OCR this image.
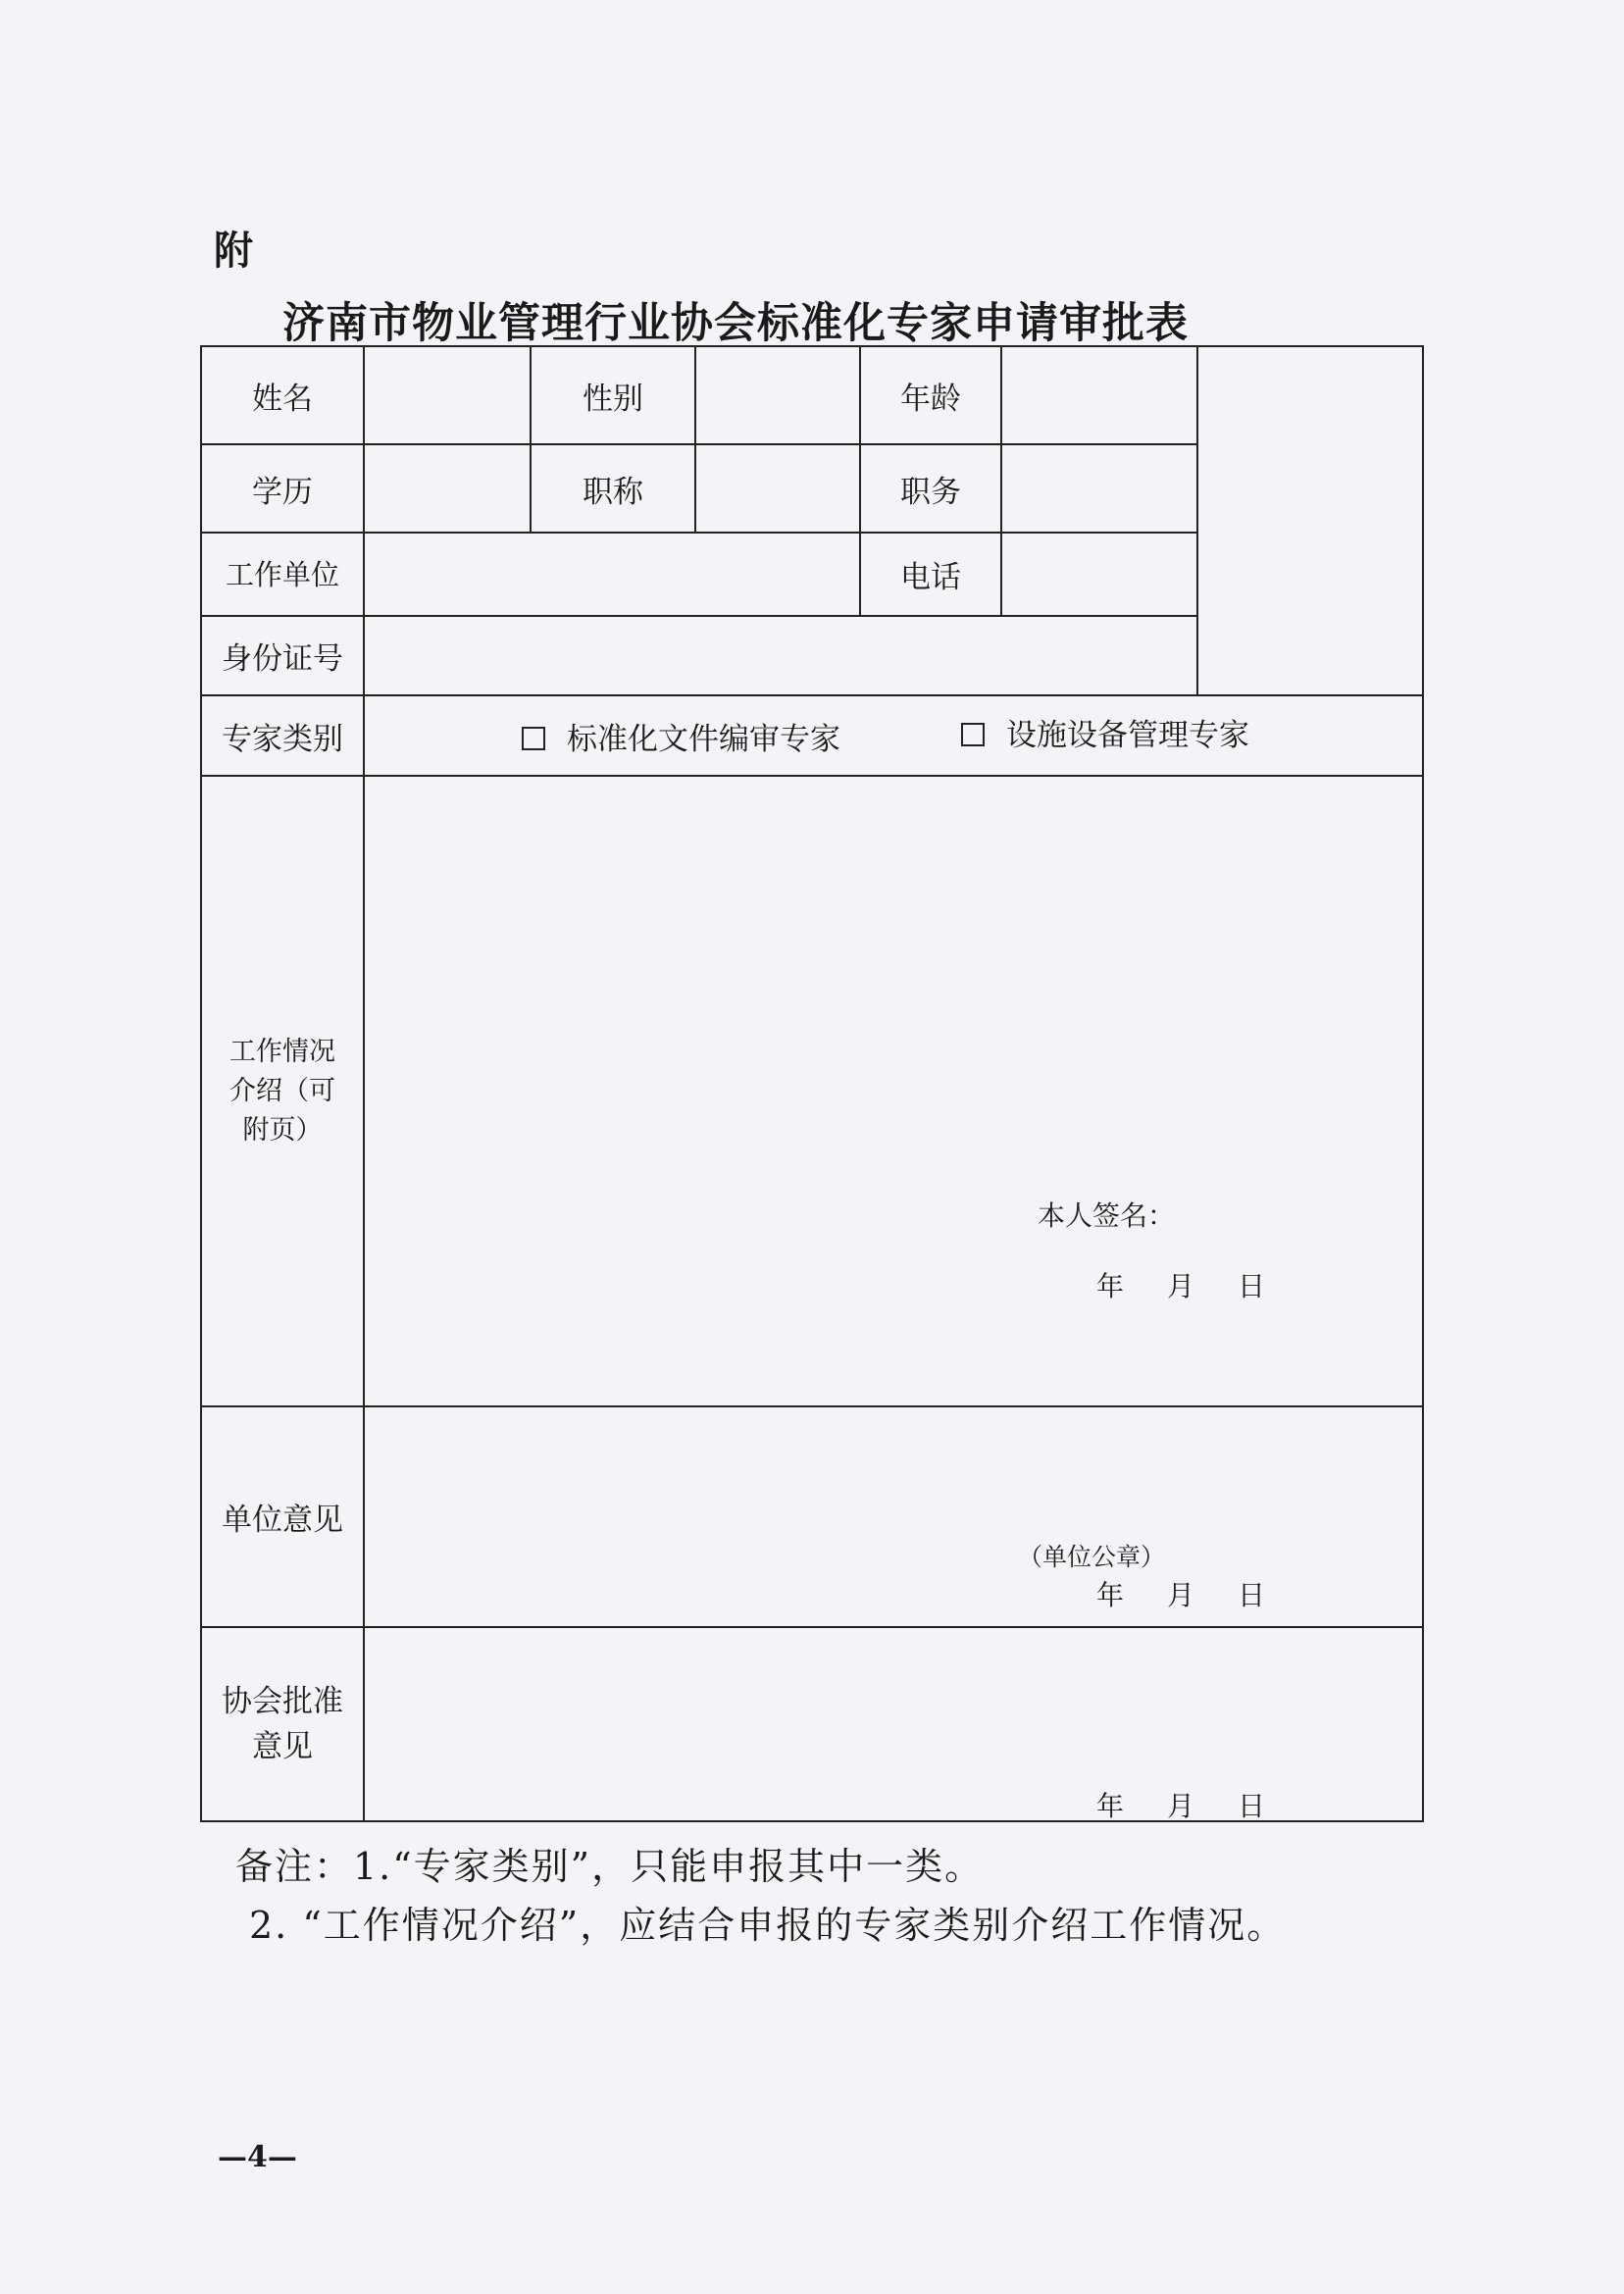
附
济南市物业管理行业协会标准化专家申请审批表
姓名	性别	年龄
学历	职称	职务
工作单位	电话
身份证号
专家类别	标准化文件编审专家	设施设备管理专家
工作情况
介绍（可
附页）
本人签名：
年 月 日
单位意见
（单位公章）
年 月 日
协会批准
意见
年 月 日
备注：1.“专家类别”，只能申报其中一类。
2. “工作情况介绍”，应结合申报的专家类别介绍工作情况。
—4—
